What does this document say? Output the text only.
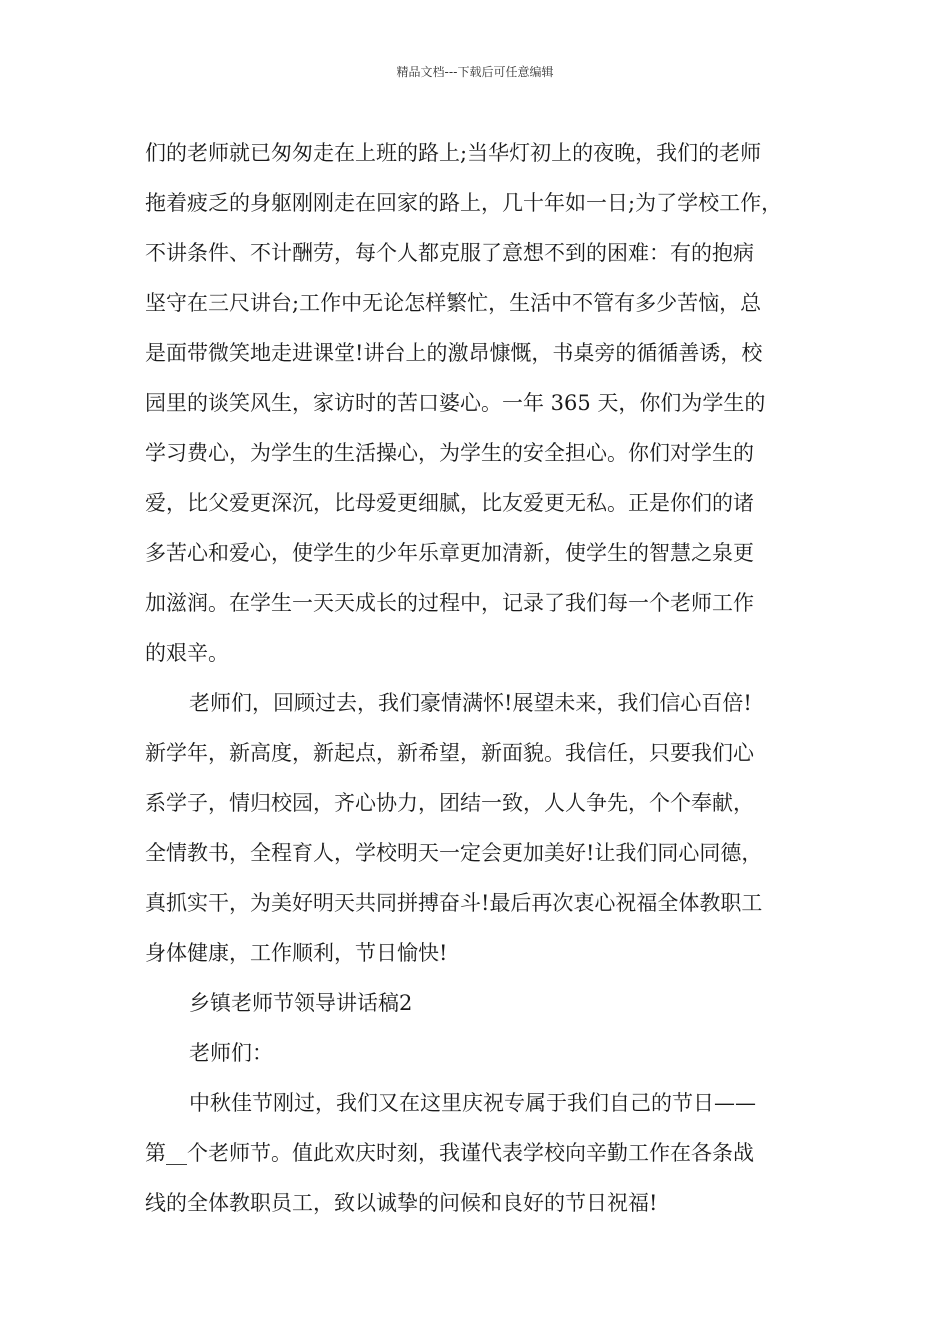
精品文档---下载后可任意编辑
们的老师就已匆匆走在上班的路上;当华灯初上的夜晚，我们的老师
拖着疲乏的身躯刚刚走在回家的路上，几十年如一日;为了学校工作，
不讲条件、不计酬劳，每个人都克服了意想不到的困难：有的抱病
坚守在三尺讲台;工作中无论怎样繁忙，生活中不管有多少苦恼，总
是面带微笑地走进课堂!讲台上的激昂慷慨，书桌旁的循循善诱，校
园里的谈笑风生，家访时的苦口婆心。一年 365 天，你们为学生的
学习费心，为学生的生活操心，为学生的安全担心。你们对学生的
爱，比父爱更深沉，比母爱更细腻，比友爱更无私。正是你们的诸
多苦心和爱心，使学生的少年乐章更加清新，使学生的智慧之泉更
加滋润。在学生一天天成长的过程中，记录了我们每一个老师工作
的艰辛。
老师们，回顾过去，我们豪情满怀!展望未来，我们信心百倍!
新学年，新高度，新起点，新希望，新面貌。我信任，只要我们心
系学子，情归校园，齐心协力，团结一致，人人争先，个个奉献，
全情教书，全程育人，学校明天一定会更加美好!让我们同心同德，
真抓实干，为美好明天共同拼搏奋斗!最后再次衷心祝福全体教职工
身体健康，工作顺利，节日愉快!
乡镇老师节领导讲话稿2
老师们：
中秋佳节刚过，我们又在这里庆祝专属于我们自己的节日——
第__个老师节。值此欢庆时刻，我谨代表学校向辛勤工作在各条战
线的全体教职员工，致以诚挚的问候和良好的节日祝福!
